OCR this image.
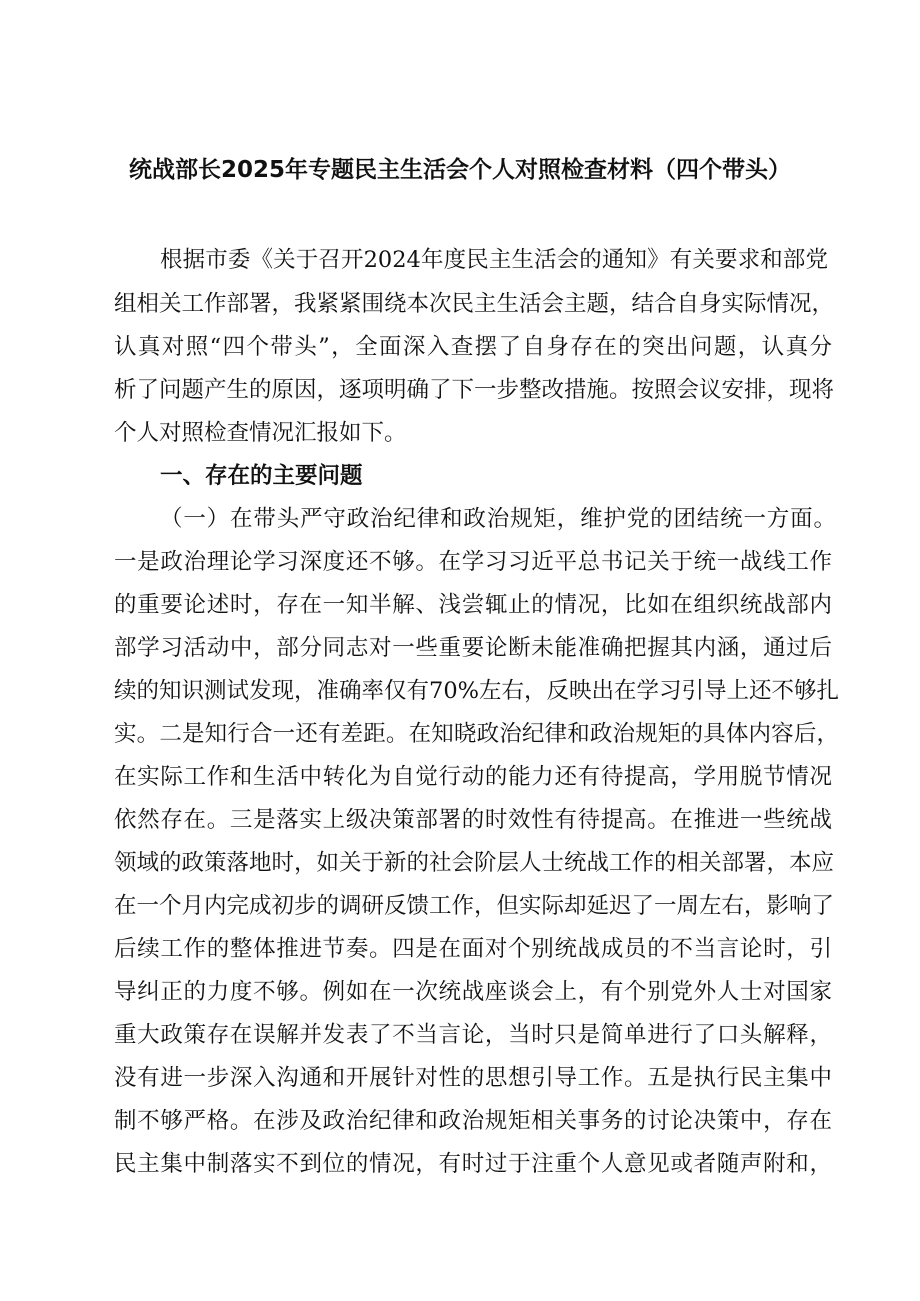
统战部长2025年专题民主生活会个人对照检查材料（四个带头）
根据市委《关于召开2024年度民主生活会的通知》有关要求和部党
组相关工作部署，我紧紧围绕本次民主生活会主题，结合自身实际情况，
认真对照“四个带头”，全面深入查摆了自身存在的突出问题，认真分
析了问题产生的原因，逐项明确了下一步整改措施。按照会议安排，现将
个人对照检查情况汇报如下。
一、存在的主要问题
（一）在带头严守政治纪律和政治规矩，维护党的团结统一方面。
一是政治理论学习深度还不够。在学习习近平总书记关于统一战线工作
的重要论述时，存在一知半解、浅尝辄止的情况，比如在组织统战部内
部学习活动中，部分同志对一些重要论断未能准确把握其内涵，通过后
续的知识测试发现，准确率仅有70%左右，反映出在学习引导上还不够扎
实。二是知行合一还有差距。在知晓政治纪律和政治规矩的具体内容后，
在实际工作和生活中转化为自觉行动的能力还有待提高，学用脱节情况
依然存在。三是落实上级决策部署的时效性有待提高。在推进一些统战
领域的政策落地时，如关于新的社会阶层人士统战工作的相关部署，本应
在一个月内完成初步的调研反馈工作，但实际却延迟了一周左右，影响了
后续工作的整体推进节奏。四是在面对个别统战成员的不当言论时，引
导纠正的力度不够。例如在一次统战座谈会上，有个别党外人士对国家
重大政策存在误解并发表了不当言论，当时只是简单进行了口头解释，
没有进一步深入沟通和开展针对性的思想引导工作。五是执行民主集中
制不够严格。在涉及政治纪律和政治规矩相关事务的讨论决策中，存在
民主集中制落实不到位的情况，有时过于注重个人意见或者随声附和，
